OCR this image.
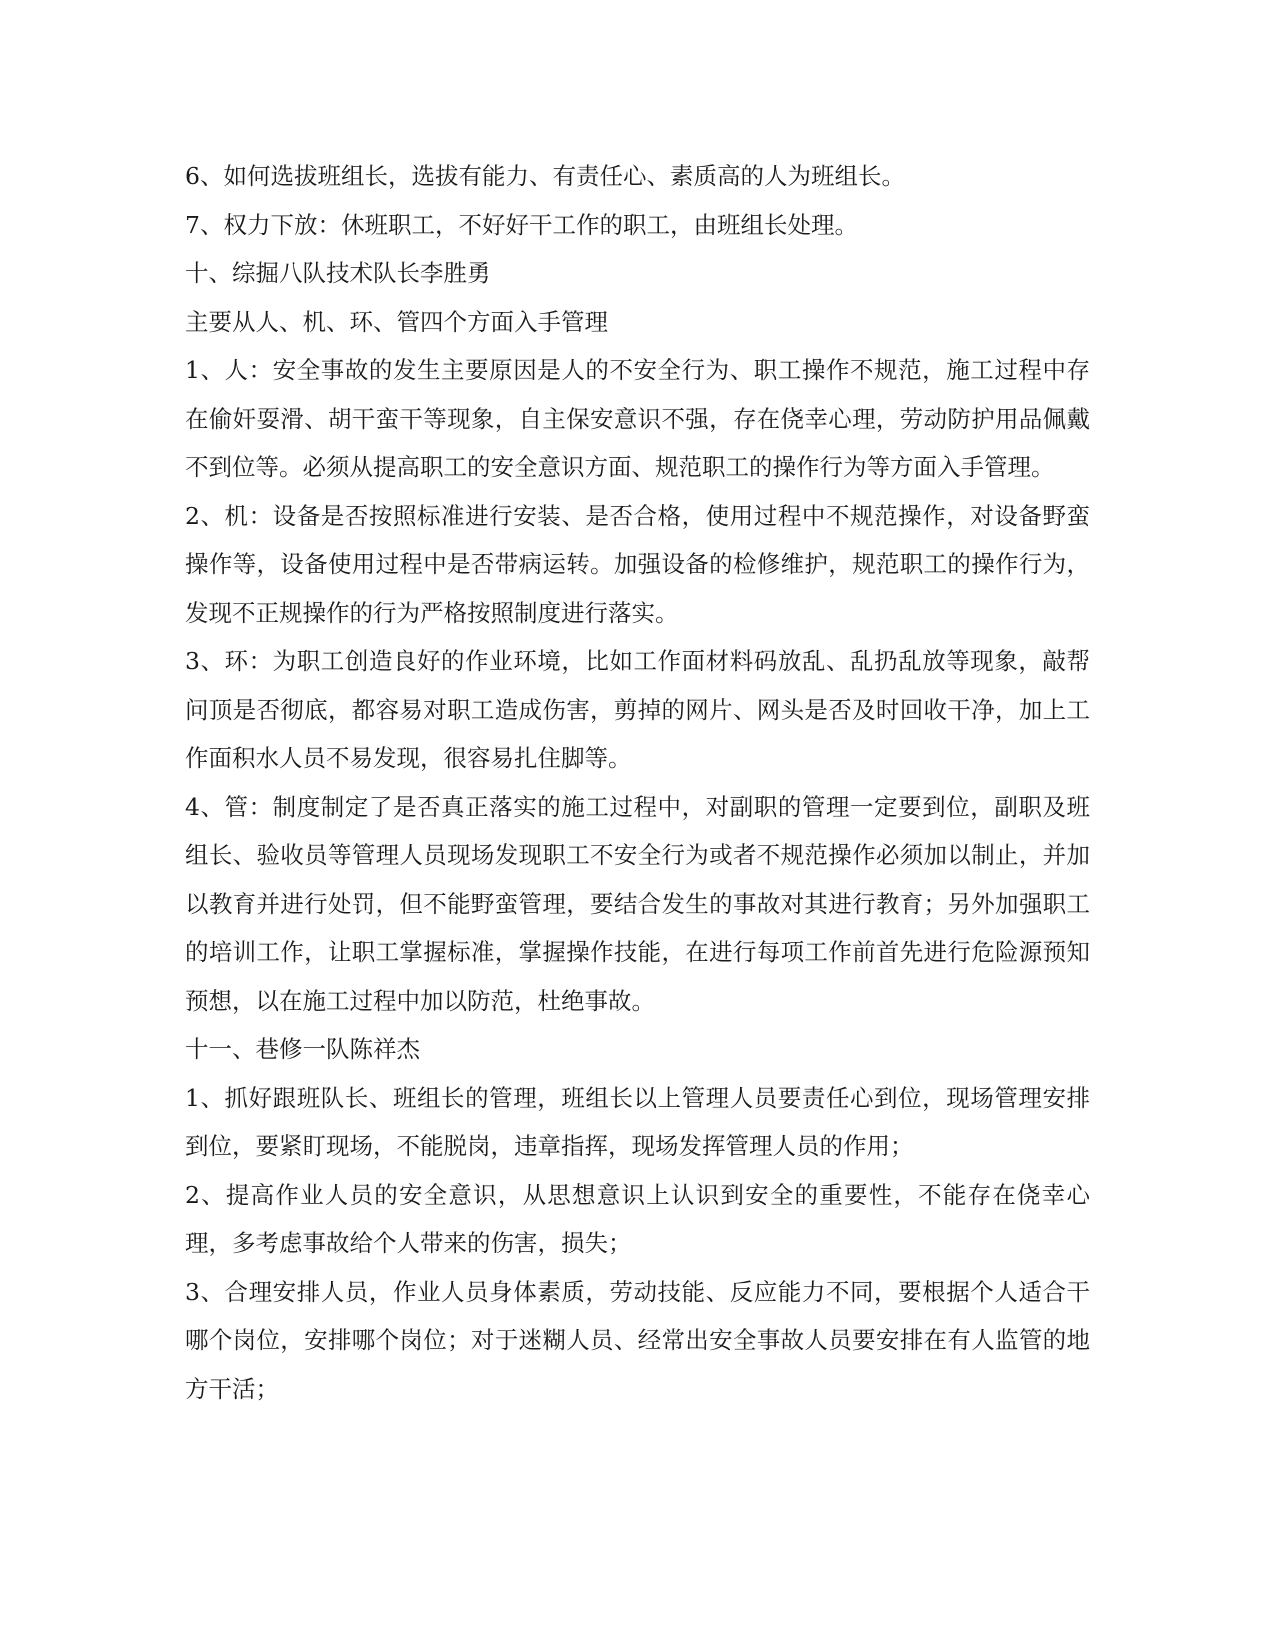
6、如何选拔班组长，选拔有能力、有责任心、素质高的人为班组长。

7、权力下放：休班职工，不好好干工作的职工，由班组长处理。

十、综掘八队技术队长李胜勇

主要从人、机、环、管四个方面入手管理

1、人：安全事故的发生主要原因是人的不安全行为、职工操作不规范，施工过程中存在偷奸耍滑、胡干蛮干等现象，自主保安意识不强，存在侥幸心理，劳动防护用品佩戴不到位等。必须从提高职工的安全意识方面、规范职工的操作行为等方面入手管理。

2、机：设备是否按照标准进行安装、是否合格，使用过程中不规范操作，对设备野蛮操作等，设备使用过程中是否带病运转。加强设备的检修维护，规范职工的操作行为，发现不正规操作的行为严格按照制度进行落实。

3、环：为职工创造良好的作业环境，比如工作面材料码放乱、乱扔乱放等现象，敲帮问顶是否彻底，都容易对职工造成伤害，剪掉的网片、网头是否及时回收干净，加上工作面积水人员不易发现，很容易扎住脚等。

4、管：制度制定了是否真正落实的施工过程中，对副职的管理一定要到位，副职及班组长、验收员等管理人员现场发现职工不安全行为或者不规范操作必须加以制止，并加以教育并进行处罚，但不能野蛮管理，要结合发生的事故对其进行教育；另外加强职工的培训工作，让职工掌握标准，掌握操作技能，在进行每项工作前首先进行危险源预知预想，以在施工过程中加以防范，杜绝事故。

十一、巷修一队陈祥杰

1、抓好跟班队长、班组长的管理，班组长以上管理人员要责任心到位，现场管理安排到位，要紧盯现场，不能脱岗，违章指挥，现场发挥管理人员的作用；

2、提高作业人员的安全意识，从思想意识上认识到安全的重要性，不能存在侥幸心理，多考虑事故给个人带来的伤害，损失；

3、合理安排人员，作业人员身体素质，劳动技能、反应能力不同，要根据个人适合干哪个岗位，安排哪个岗位；对于迷糊人员、经常出安全事故人员要安排在有人监管的地方干活；
